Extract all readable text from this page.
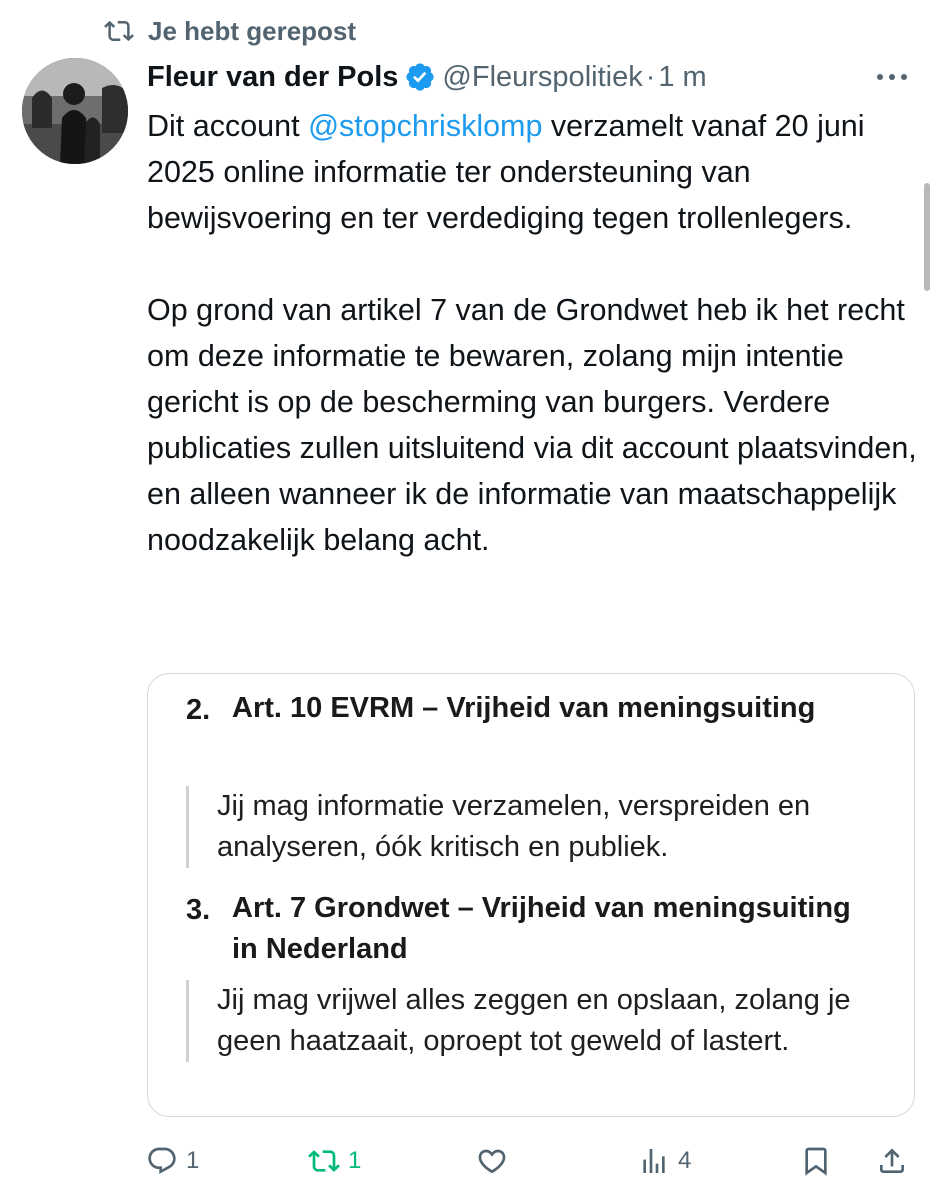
Je hebt gerepost
Fleur van der Pols @Fleurspolitiek · 1 m

Dit account @stopchrisklomp verzamelt vanaf 20 juni 2025 online informatie ter ondersteuning van bewijsvoering en ter verdediging tegen trollenlegers.

Op grond van artikel 7 van de Grondwet heb ik het recht om deze informatie te bewaren, zolang mijn intentie gericht is op de bescherming van burgers. Verdere publicaties zullen uitsluitend via dit account plaatsvinden, en alleen wanneer ik de informatie van maatschappelijk noodzakelijk belang acht.

2. Art. 10 EVRM – Vrijheid van meningsuiting
Jij mag informatie verzamelen, verspreiden en analyseren, óók kritisch en publiek.
3. Art. 7 Grondwet – Vrijheid van meningsuiting in Nederland
Jij mag vrijwel alles zeggen en opslaan, zolang je geen haatzaait, oproept tot geweld of lastert.
1	1	4
